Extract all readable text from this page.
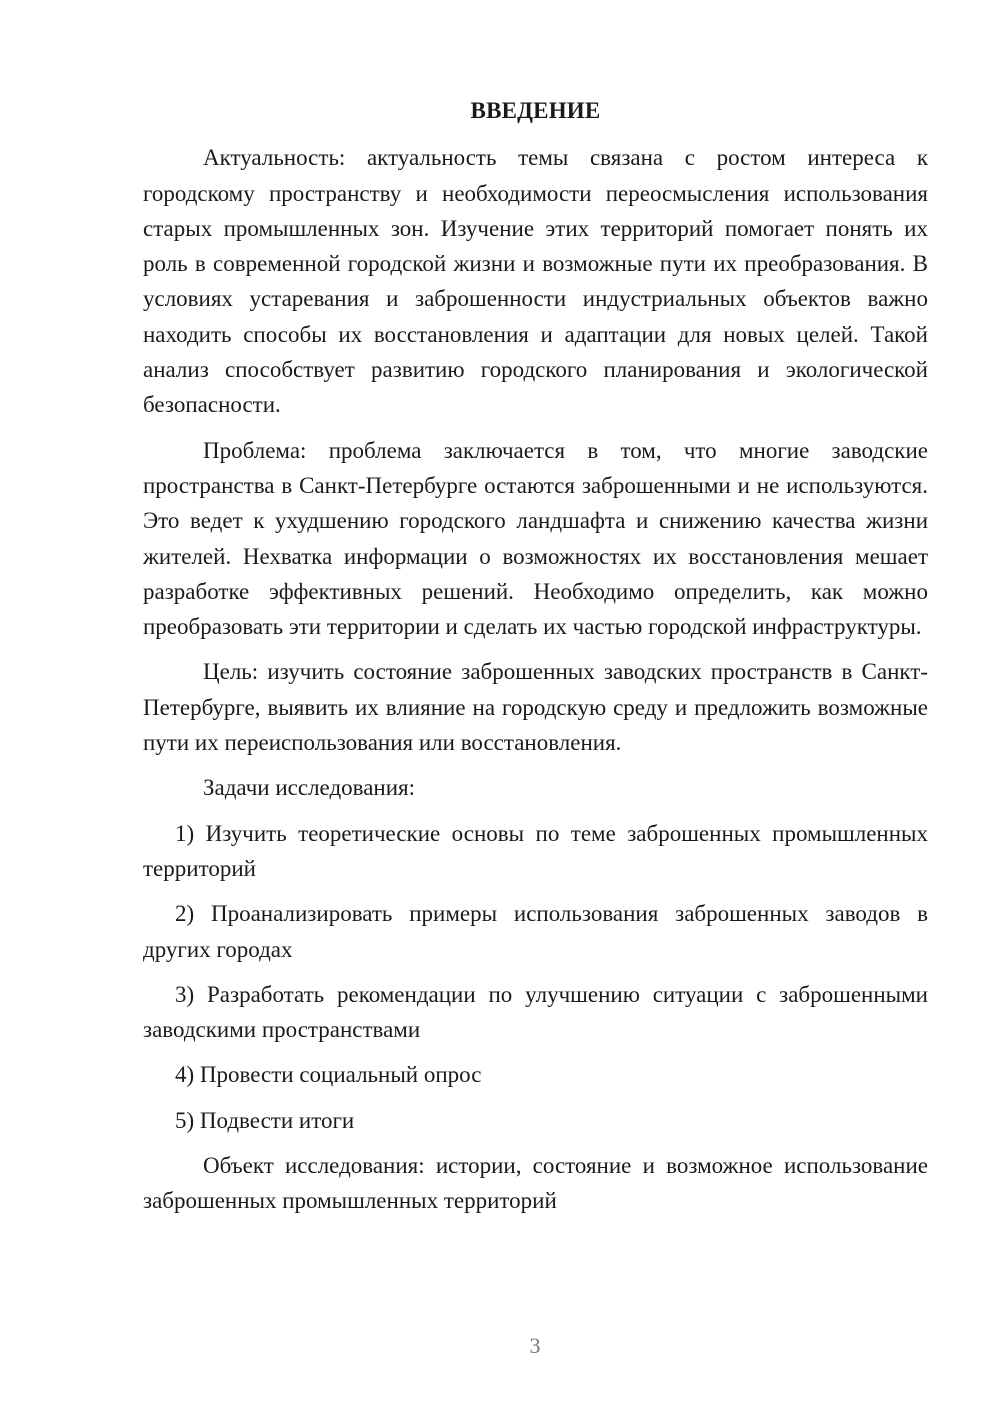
ВВЕДЕНИЕ

Актуальность: актуальность темы связана с ростом интереса к городскому пространству и необходимости переосмысления использования старых промышленных зон. Изучение этих территорий помогает понять их роль в современной городской жизни и возможные пути их преобразования. В условиях устаревания и заброшенности индустриальных объектов важно находить способы их восстановления и адаптации для новых целей. Такой анализ способствует развитию городского планирования и экологической безопасности.

Проблема: проблема заключается в том, что многие заводские пространства в Санкт-Петербурге остаются заброшенными и не используются. Это ведет к ухудшению городского ландшафта и снижению качества жизни жителей. Нехватка информации о возможностях их восстановления мешает разработке эффективных решений. Необходимо определить, как можно преобразовать эти территории и сделать их частью городской инфраструктуры.

Цель: изучить состояние заброшенных заводских пространств в Санкт-Петербурге, выявить их влияние на городскую среду и предложить возможные пути их переиспользования или восстановления.

Задачи исследования:

1) Изучить теоретические основы по теме заброшенных промышленных территорий

2) Проанализировать примеры использования заброшенных заводов в других городах

3) Разработать рекомендации по улучшению ситуации с заброшенными заводскими пространствами

4) Провести социальный опрос

5) Подвести итоги

Объект исследования: истории, состояние и возможное использование заброшенных промышленных территорий

3
